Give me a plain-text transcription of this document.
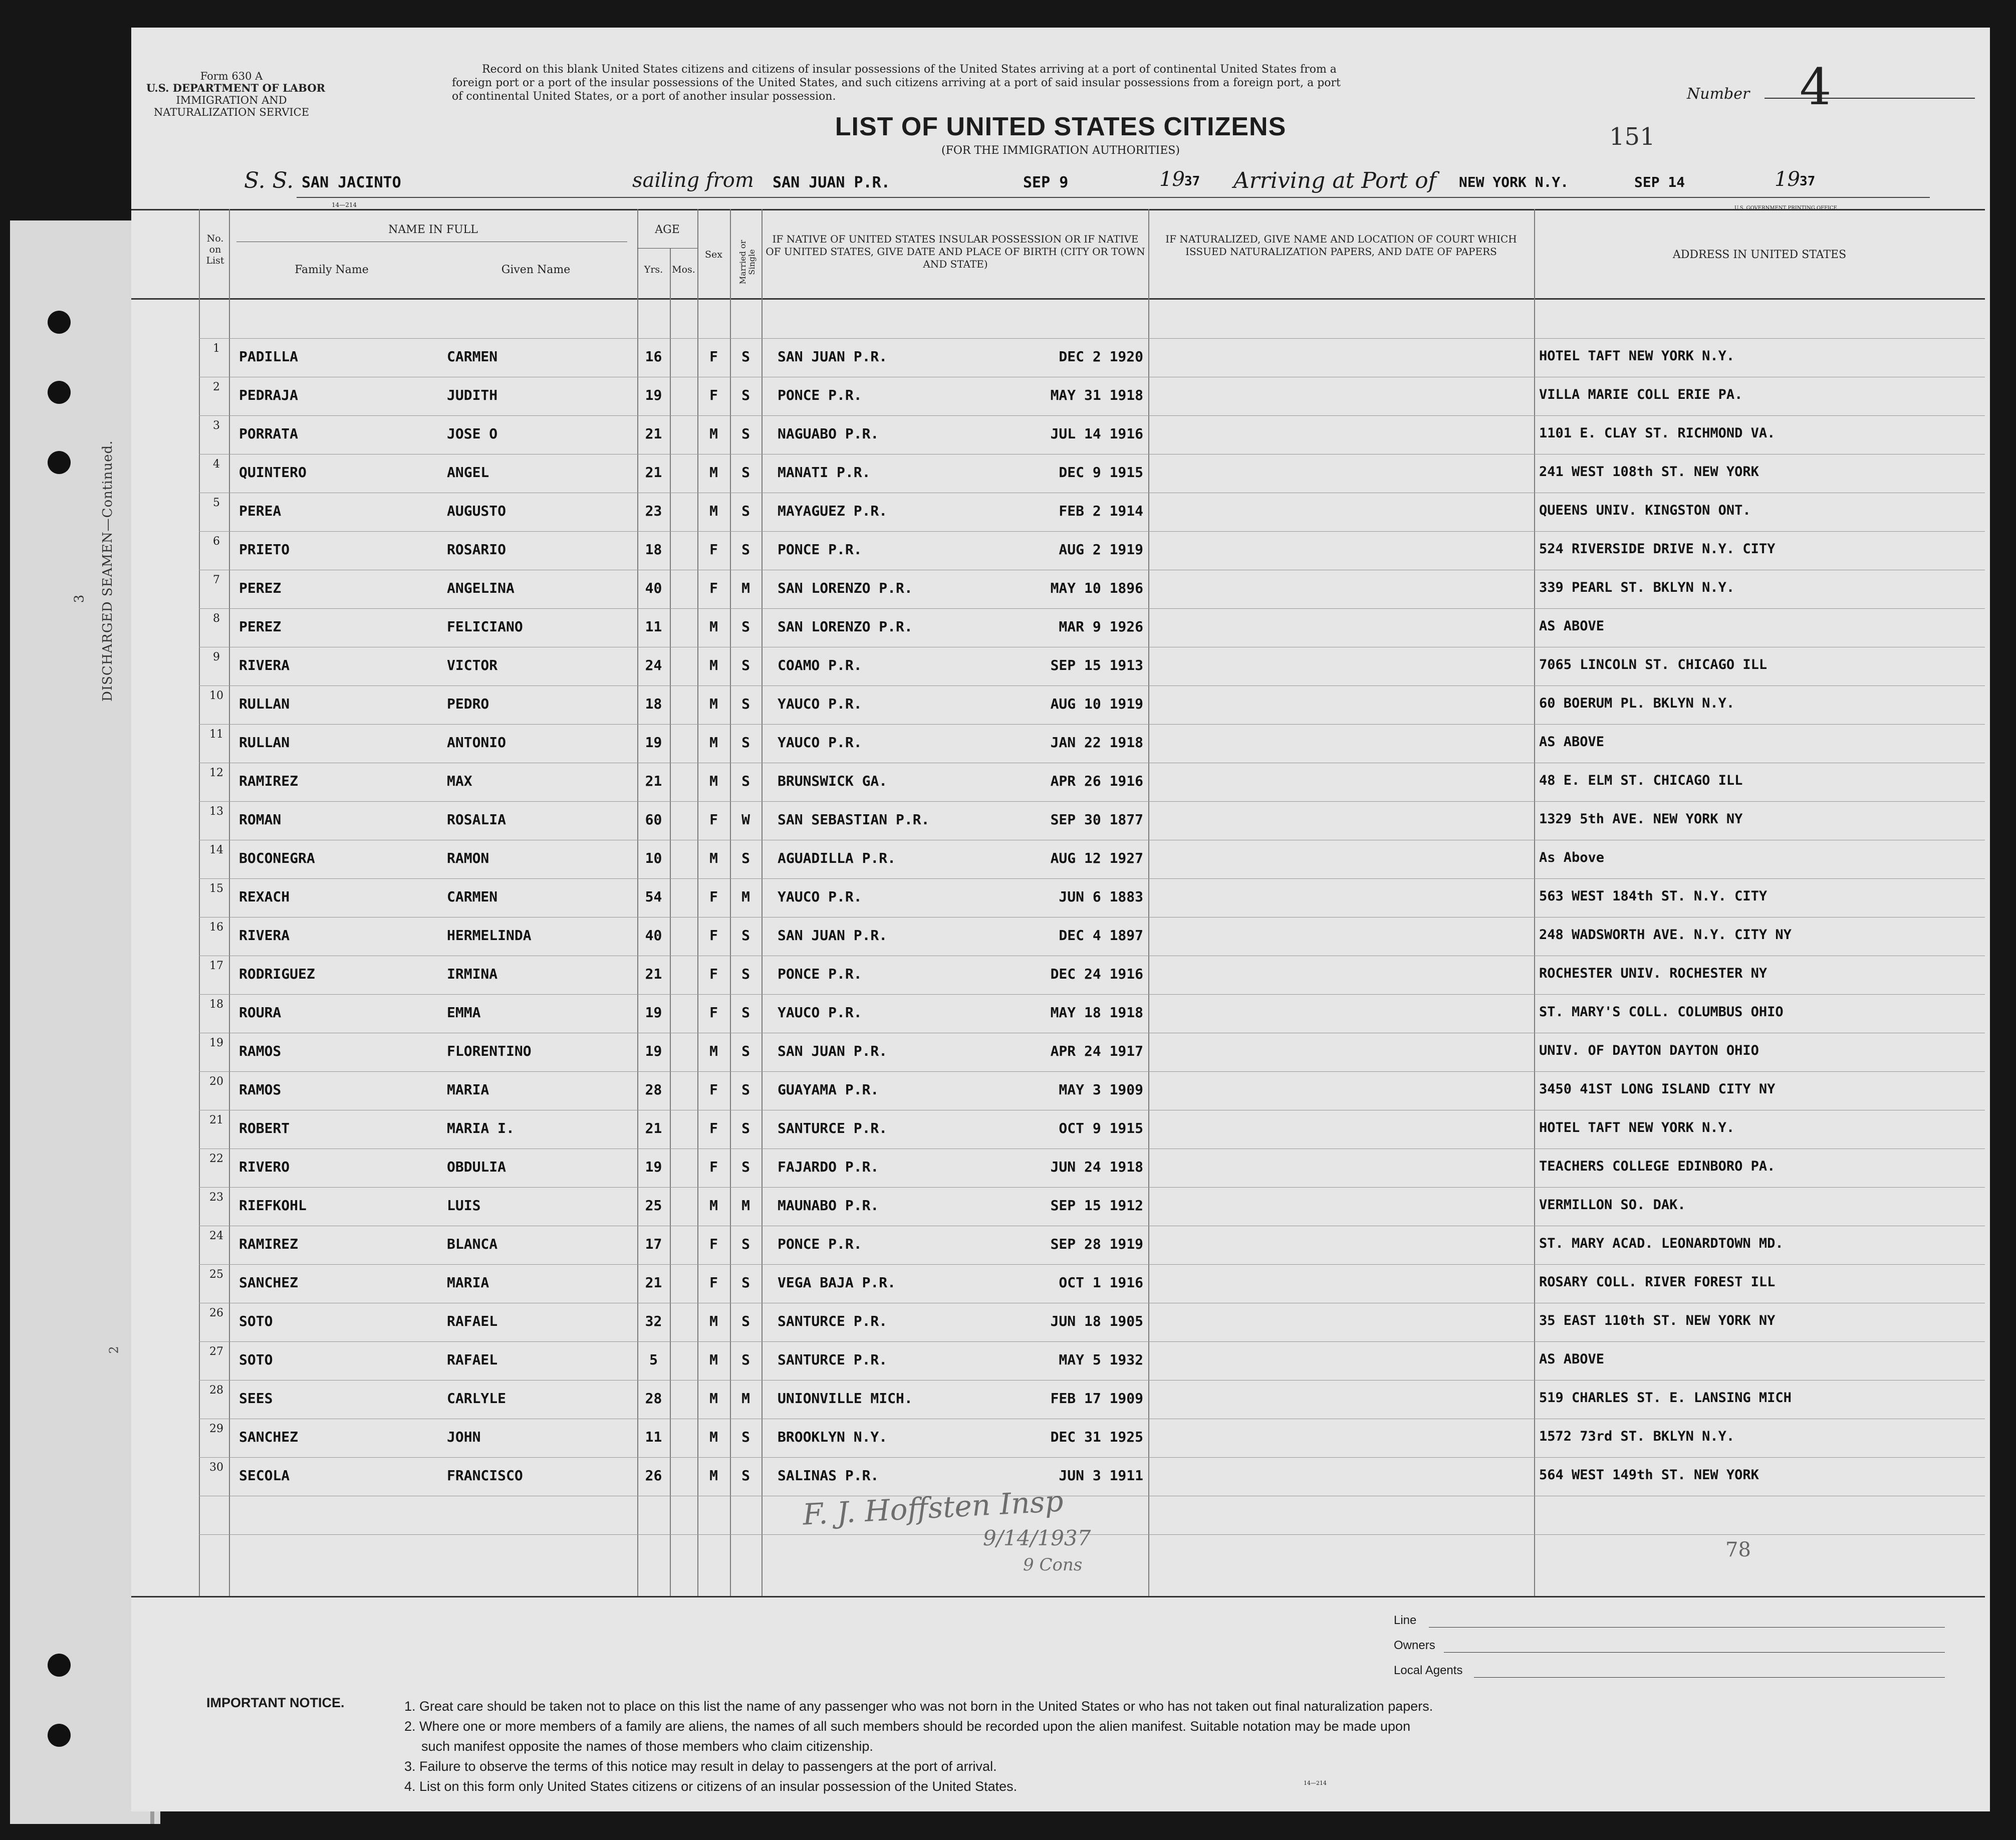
DISCHARGED SEAMEN—Continued.
3
2
Form 630 A
U.S. DEPARTMENT OF LABOR
IMMIGRATION AND
NATURALIZATION SERVICE
Record on this blank United States citizens and citizens of insular possessions of the United States arriving at a port of continental United States from a
foreign port or a port of the insular possessions of the United States, and such citizens arriving at a port of said insular possessions from a foreign port, a port
of continental United States, or a port of another insular possession.	Number 4
LIST OF UNITED STATES CITIZENS
(FOR THE IMMIGRATION AUTHORITIES)	151
S. S. SAN JACINTO	sailing from SAN JUAN P.R.	SEP 9	19 37 Arriving at Port of NEW YORK N.Y.	SEP 14	19 37
14—214	U.S. GOVERNMENT PRINTING OFFICE
No. on List
NAME IN FULL
Family Name	Given Name
AGE
Yrs. Mos.
Sex	Married or Single
IF NATIVE OF UNITED STATES INSULAR POSSESSION OR IF NATIVE OF UNITED STATES, GIVE DATE AND PLACE OF BIRTH (CITY OR TOWN AND STATE)
IF NATURALIZED, GIVE NAME AND LOCATION OF COURT WHICH ISSUED NATURALIZATION PAPERS, AND DATE OF PAPERS	ADDRESS IN UNITED STATES
1	PADILLA	CARMEN	16	F	S	SAN JUAN P.R.	DEC 2 1920	HOTEL TAFT NEW YORK N.Y.
2	PEDRAJA	JUDITH	19	F	S	PONCE P.R.	MAY 31 1918	VILLA MARIE COLL ERIE PA.
3	PORRATA	JOSE O	21	M	S	NAGUABO P.R.	JUL 14 1916	1101 E. CLAY ST. RICHMOND VA.
4	QUINTERO	ANGEL	21	M	S	MANATI P.R.	DEC 9 1915	241 WEST 108th ST. NEW YORK
5	PEREA	AUGUSTO	23	M	S	MAYAGUEZ P.R.	FEB 2 1914	QUEENS UNIV. KINGSTON ONT.
6	PRIETO	ROSARIO	18	F	S	PONCE P.R.	AUG 2 1919	524 RIVERSIDE DRIVE N.Y. CITY
7	PEREZ	ANGELINA	40	F	M	SAN LORENZO P.R.	MAY 10 1896	339 PEARL ST. BKLYN N.Y.
8	PEREZ	FELICIANO	11	M	S	SAN LORENZO P.R.	MAR 9 1926	AS ABOVE
9	RIVERA	VICTOR	24	M	S	COAMO P.R.	SEP 15 1913	7065 LINCOLN ST. CHICAGO ILL
10	RULLAN	PEDRO	18	M	S	YAUCO P.R.	AUG 10 1919	60 BOERUM PL. BKLYN N.Y.
11	RULLAN	ANTONIO	19	M	S	YAUCO P.R.	JAN 22 1918	AS ABOVE
12	RAMIREZ	MAX	21	M	S	BRUNSWICK GA.	APR 26 1916	48 E. ELM ST. CHICAGO ILL
13	ROMAN	ROSALIA	60	F	W	SAN SEBASTIAN P.R.	SEP 30 1877	1329 5th AVE. NEW YORK NY
14	BOCONEGRA	RAMON	10	M	S	AGUADILLA P.R.	AUG 12 1927	As Above
15	REXACH	CARMEN	54	F	M	YAUCO P.R.	JUN 6 1883	563 WEST 184th ST. N.Y. CITY
16	RIVERA	HERMELINDA	40	F	S	SAN JUAN P.R.	DEC 4 1897	248 WADSWORTH AVE. N.Y. CITY NY
17	RODRIGUEZ	IRMINA	21	F	S	PONCE P.R.	DEC 24 1916	ROCHESTER UNIV. ROCHESTER NY
18	ROURA	EMMA	19	F	S	YAUCO P.R.	MAY 18 1918	ST. MARY'S COLL. COLUMBUS OHIO
19	RAMOS	FLORENTINO	19	M	S	SAN JUAN P.R.	APR 24 1917	UNIV. OF DAYTON DAYTON OHIO
20	RAMOS	MARIA	28	F	S	GUAYAMA P.R.	MAY 3 1909	3450 41ST LONG ISLAND CITY NY
21	ROBERT	MARIA I.	21	F	S	SANTURCE P.R.	OCT 9 1915	HOTEL TAFT NEW YORK N.Y.
22	RIVERO	OBDULIA	19	F	S	FAJARDO P.R.	JUN 24 1918	TEACHERS COLLEGE EDINBORO PA.
23	RIEFKOHL	LUIS	25	M	M	MAUNABO P.R.	SEP 15 1912	VERMILLON SO. DAK.
24	RAMIREZ	BLANCA	17	F	S	PONCE P.R.	SEP 28 1919	ST. MARY ACAD. LEONARDTOWN MD.
25	SANCHEZ	MARIA	21	F	S	VEGA BAJA P.R.	OCT 1 1916	ROSARY COLL. RIVER FOREST ILL
26	SOTO	RAFAEL	32	M	S	SANTURCE P.R.	JUN 18 1905	35 EAST 110th ST. NEW YORK NY
27	SOTO	RAFAEL	5	M	S	SANTURCE P.R.	MAY 5 1932	AS ABOVE
28	SEES	CARLYLE	28	M	M	UNIONVILLE MICH.	FEB 17 1909	519 CHARLES ST. E. LANSING MICH
29	SANCHEZ	JOHN	11	M	S	BROOKLYN N.Y.	DEC 31 1925	1572 73rd ST. BKLYN N.Y.
30	SECOLA	FRANCISCO	26	M	S	SALINAS P.R.	JUN 3 1911	564 WEST 149th ST. NEW YORK
F. J. Hoffsten Insp
9/14/1937
9 Cons
78
Line
Owners
Local Agents
IMPORTANT NOTICE.	1. Great care should be taken not to place on this list the name of any passenger who was not born in the United States or who has not taken out final naturalization papers.
2. Where one or more members of a family are aliens, the names of all such members should be recorded upon the alien manifest. Suitable notation may be made upon
such manifest opposite the names of those members who claim citizenship.
3. Failure to observe the terms of this notice may result in delay to passengers at the port of arrival.
4. List on this form only United States citizens or citizens of an insular possession of the United States.	14—214
